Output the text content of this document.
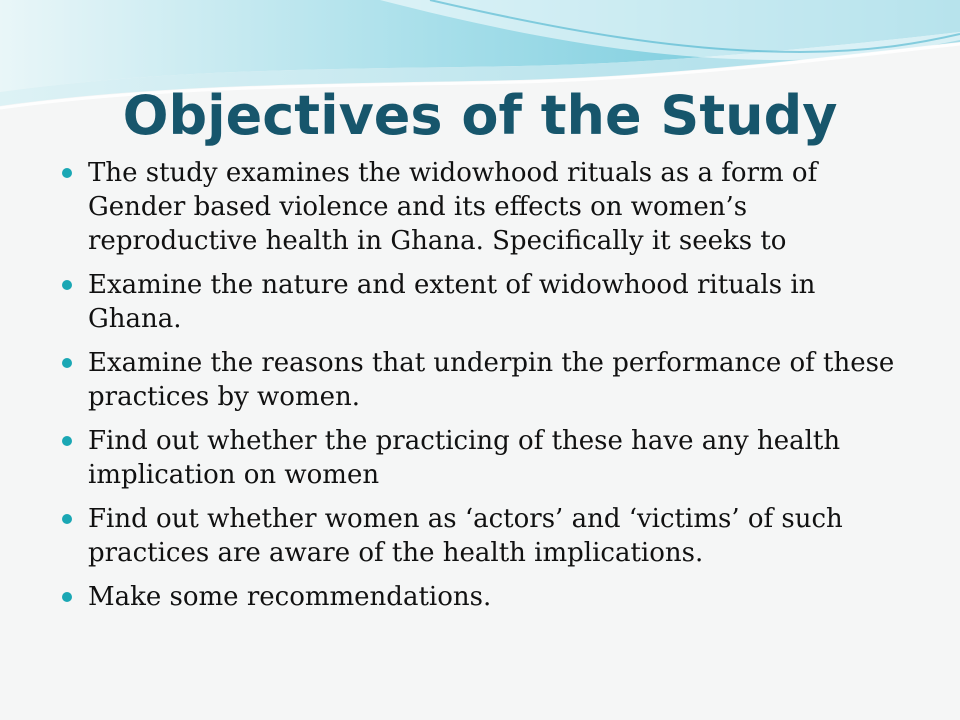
Objectives of the Study
The study examines the widowhood rituals as a form of Gender based violence and its effects on women’s reproductive health in Ghana. Specifically it seeks to
Examine the nature and extent of widowhood rituals in Ghana.
Examine the reasons that underpin the performance of these practices by women.
Find out whether the practicing of these have any health implication on women
Find out whether women as ‘actors’ and ‘victims’ of such practices are aware of the health implications.
Make some recommendations.
